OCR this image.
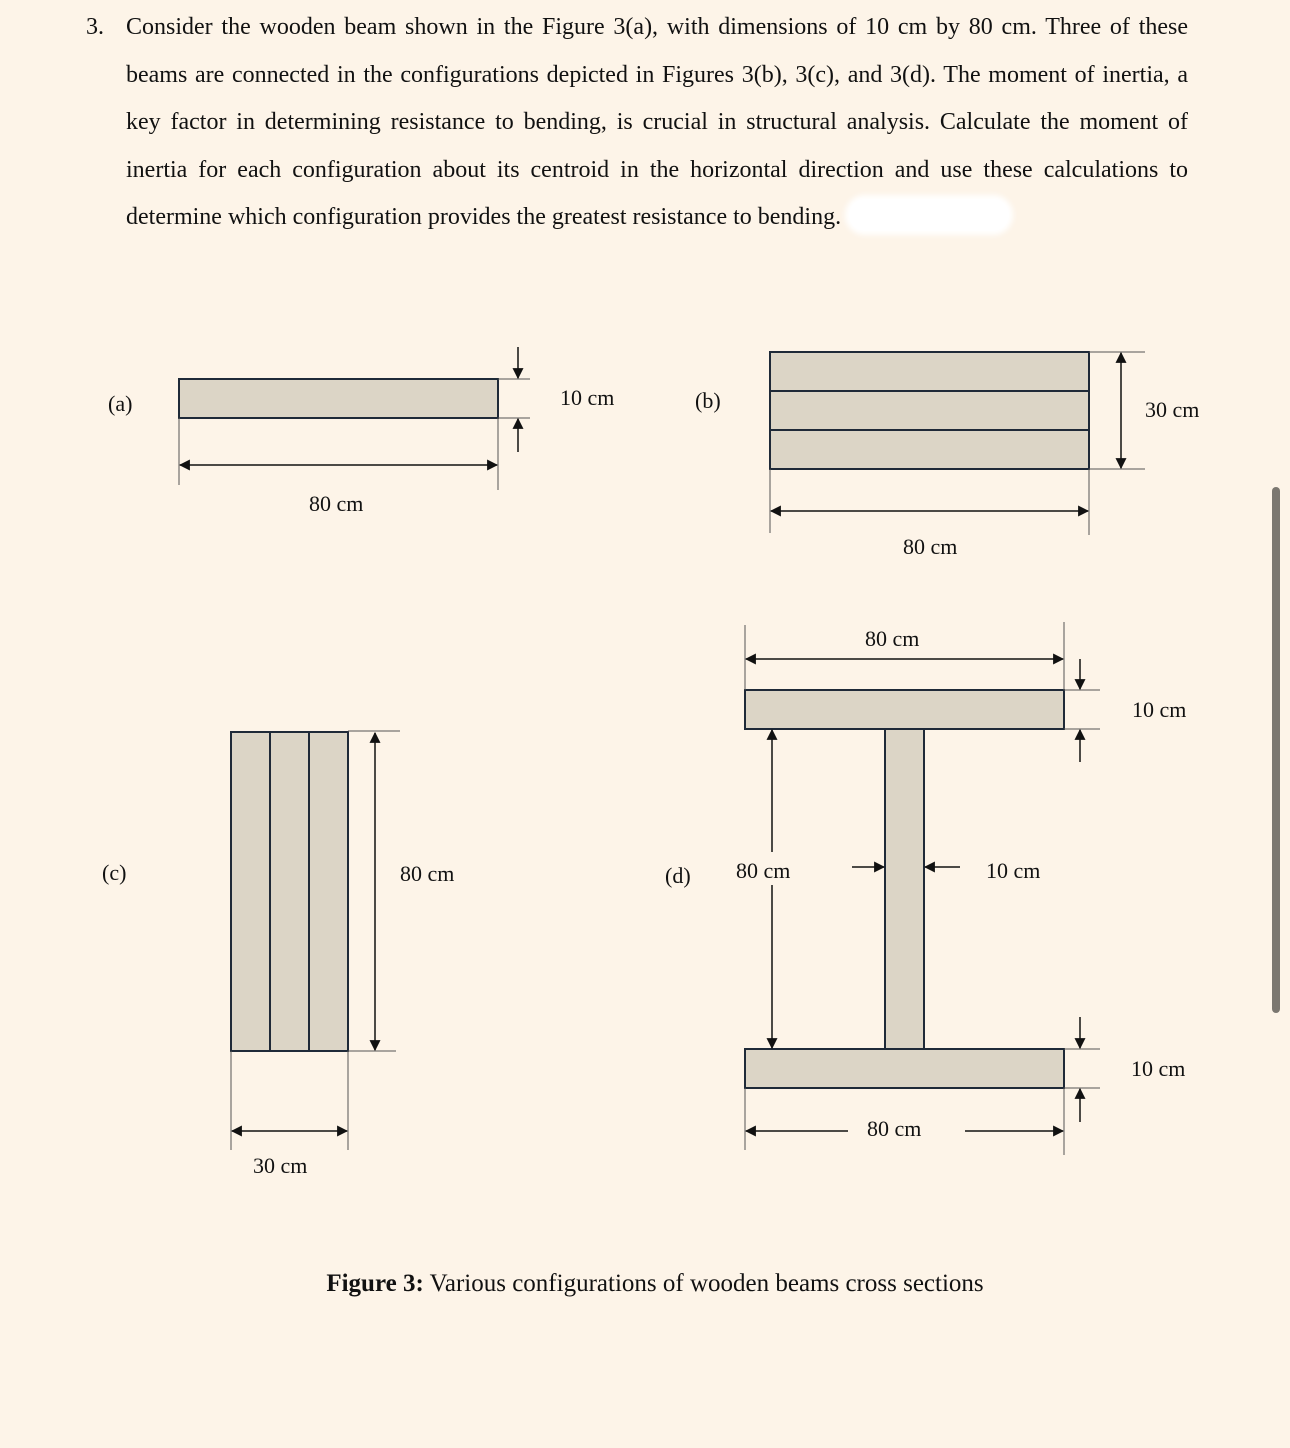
3. Consider the wooden beam shown in the Figure 3(a), with dimensions of 10 cm by 80 cm. Three of these beams are connected in the configurations depicted in Figures 3(b), 3(c), and 3(d). The moment of inertia, a key factor in determining resistance to bending, is crucial in structural analysis. Calculate the moment of inertia for each configuration about its centroid in the horizontal direction and use these calculations to determine which configuration provides the greatest resistance to bending.
(a)	10 cm
80 cm
(b)	30 cm
80 cm
(c)	80 cm
30 cm
(d)
80 cm
10 cm
80 cm	10 cm
10 cm
80 cm
Figure 3: Various configurations of wooden beams cross sections
